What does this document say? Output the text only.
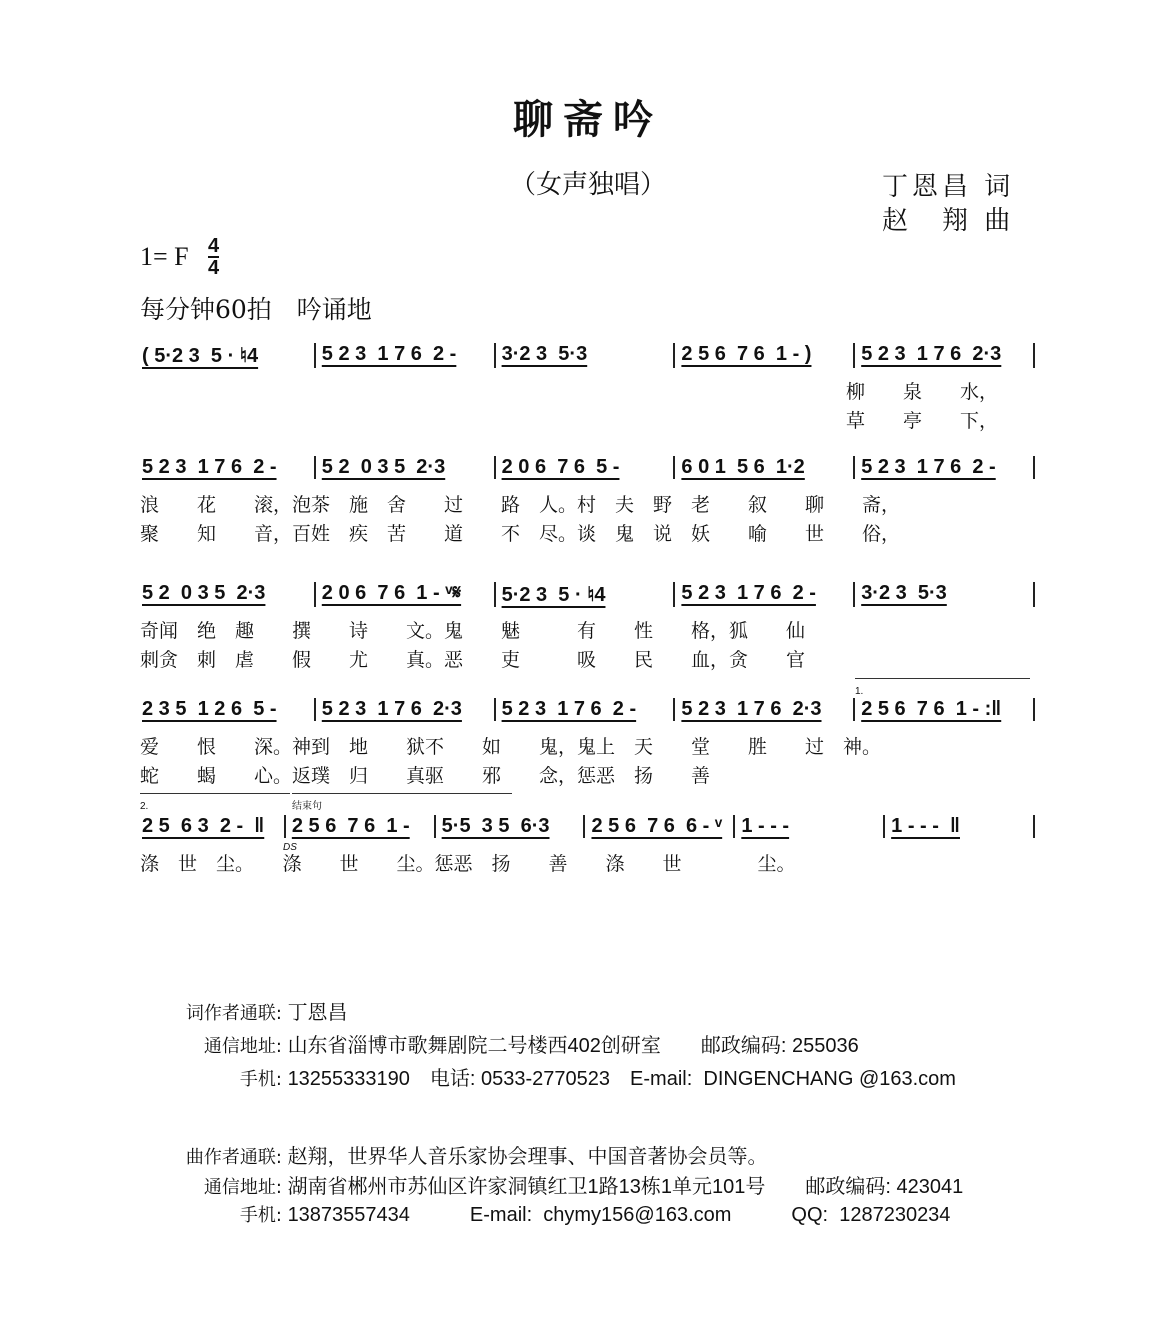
聊斋吟
（女声独唱）	丁恩昌 词
赵　翔 曲
1= F 4
4
每分钟60拍　吟诵地
( 5·2 3  5 · ♮4	5 2 3  1 7 6  2 -	3·2 3  5·3	2 5 6  7 6  1 - )	5 2 3  1 7 6  2·3
柳　　泉　　水，
草　　亭　　下，
5 2 3  1 7 6  2 -	5 2  0 3 5  2·3	2 0 6  7 6  5 -	6 0 1  5 6  1·2	5 2 3  1 7 6  2 -
浪　　花　　滚，泡茶　施　舍　　过　　路　人。村　夫　野　老　　叙　　聊　　斋，
聚　　知　　音，百姓　疾　苦　　道　　不　尽。谈　鬼　说　妖　　喻　　世　　俗，
5 2  0 3 5  2·3	2 0 6  7 6  1 - ᵛ𝄋	5·2 3  5 · ♮4	5 2 3  1 7 6  2 -	3·2 3  5·3
奇闻　绝　趣　　撰　　诗　　文。鬼　　魅　　　有　　性　　格，狐　　仙
刺贪　刺　虐　　假　　尤　　真。恶　　吏　　　吸　　民　　血，贪　　官
2 3 5  1 2 6  5 -	5 2 3  1 7 6  2·3	5 2 3  1 7 6  2 -	5 2 3  1 7 6  2·3	2 5 6  7 6  1 - :‖
爱　　恨　　深。神到　地　　狱不　　如　　鬼，鬼上　天　　堂　　胜　　过　神。
蛇　　蝎　　心。返璞　归　　真驱　　邪　　念，惩恶　扬　　善
2 5  6 3  2 -  ‖	2 5 6  7 6  1 -	5·5  3 5  6·3	2 5 6  7 6  6 - ᵛ 1 - - -	1 - - -  ‖
涤　世　尘。　　涤　　世　　尘。惩恶　扬　　善　　涤　　世　　　　尘。
1.
2.	结束句
DS
词作者通联: 丁恩昌
通信地址: 山东省淄博市歌舞剧院二号楼西402创研室　　邮政编码: 255036
手机: 13255333190　电话: 0533-2770523　E-mail:  DINGENCHANG @163.com
曲作者通联: 赵翔，世界华人音乐家协会理事、中国音著协会员等。
通信地址: 湖南省郴州市苏仙区许家洞镇红卫1路13栋1单元101号　　邮政编码: 423041
手机: 13873557434　　　E-mail:  chymy156@163.com　　　QQ:  1287230234
